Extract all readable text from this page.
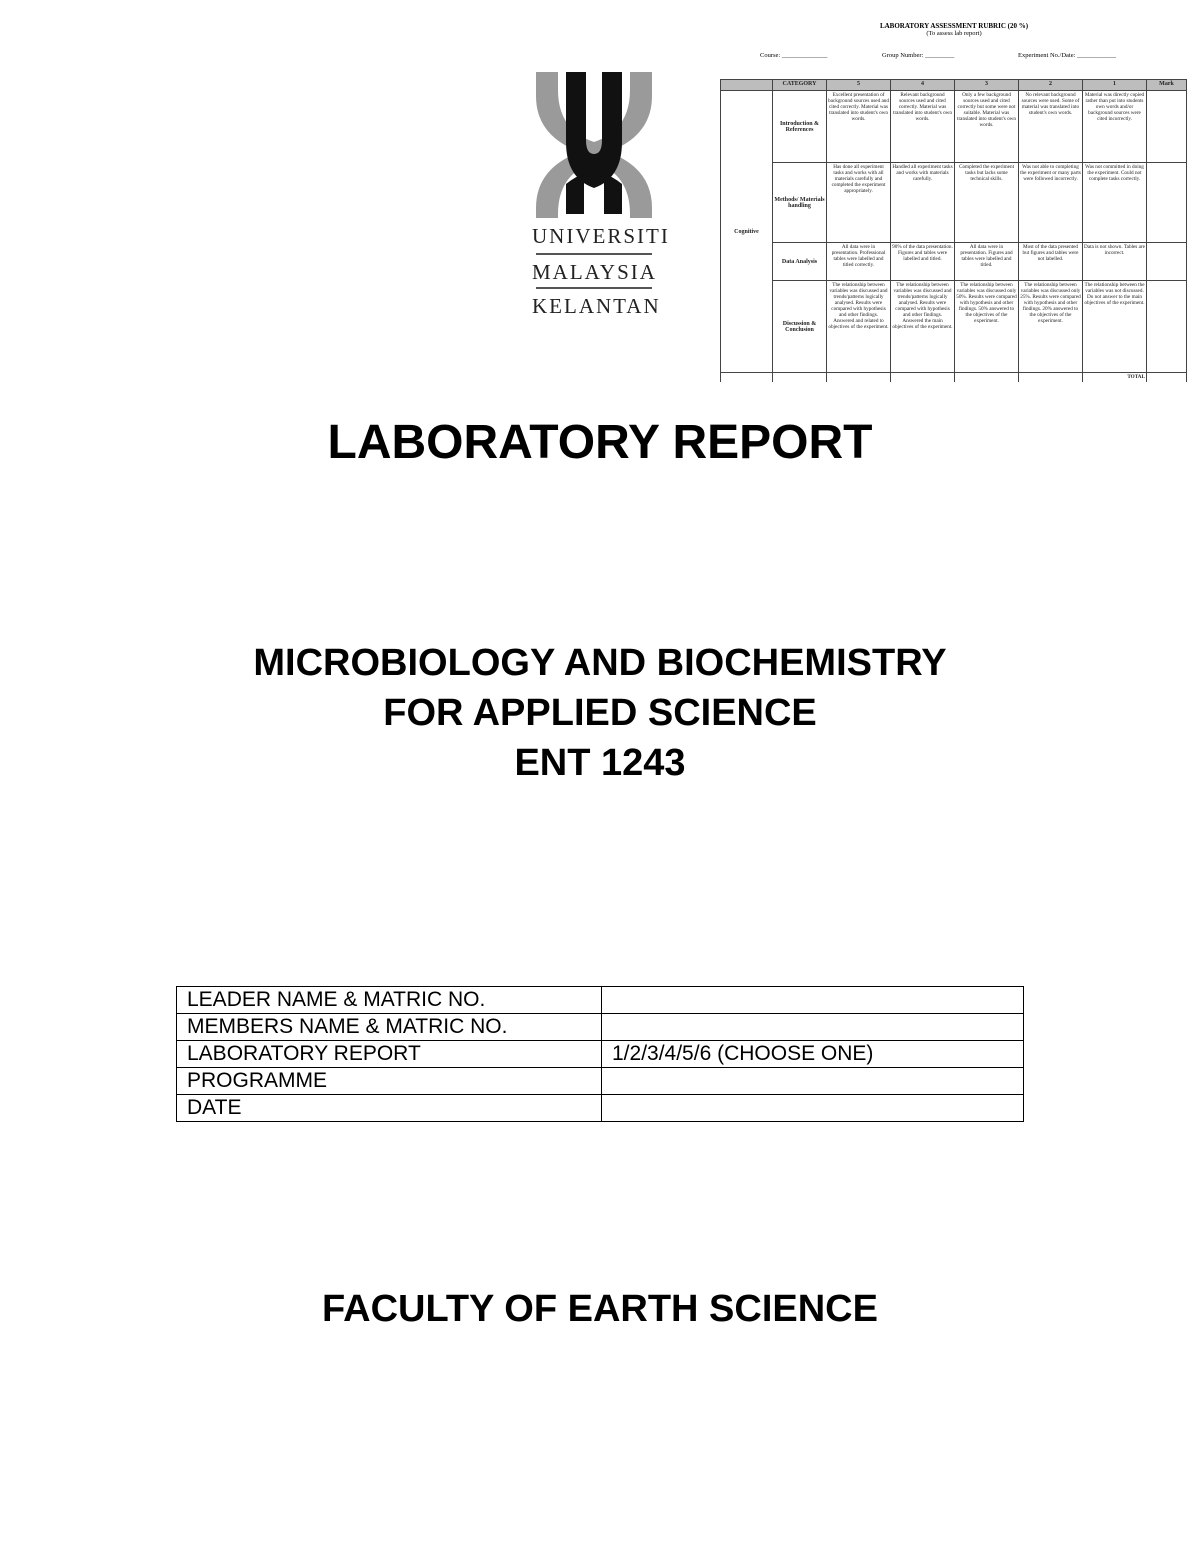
UNIVERSITI
MALAYSIA
KELANTAN
LABORATORY ASSESSMENT RUBRIC (20 %)
(To assess lab report)
Course: ______________	Group Number: _________	Experiment No./Date: ____________
	CATEGORY	5	4	3	2	1	Mark
Cognitive	Introduction & References	Excellent presentation of background sources used and cited correctly. Material was translated into student's own words.	Relevant background sources used and cited correctly. Material was translated into student's own words.	Only a few background sources used and cited correctly but some were not suitable. Material was translated into student's own words.	No relevant background sources were used. Some of material was translated into student's own words.	Material was directly copied rather than put into students own words and/or background sources were cited incorrectly.	
	Methods/ Materials handling	Has done all experiment tasks and works with all materials carefully and completed the experiment appropriately.	Handled all experiment tasks and works with materials carefully.	Completed the experiment tasks but lacks some technical skills.	Was not able to completing the experiment or many parts were followed incorrectly.	Was not committed in doing the experiment. Could not complete tasks correctly.	
	Data Analysis	All data were in presentation. Professional tables were labelled and titled correctly.	90% of the data presentation. Figures and tables were labelled and titled.	All data were in presentation. Figures and tables were labelled and titled.	Most of the data presented but figures and tables were not labelled.	Data is not shown. Tables are incorrect.	
	Discussion & Conclusion	The relationship between variables was discussed and trends/patterns logically analysed. Results were compared with hypothesis and other findings. Answered and related to objectives of the experiment.	The relationship between variables was discussed and trends/patterns logically analysed. Results were compared with hypothesis and other findings. Answered the main objectives of the experiment.	The relationship between variables was discussed only 50%. Results were compared with hypothesis and other findings. 50% answered to the objectives of the experiment.	The relationship between variables was discussed only 25%. Results were compared with hypothesis and other findings. 20% answered to the objectives of the experiment.	The relationship between the variables was not discussed. Do not answer to the main objectives of the experiment.	
						TOTAL	
LABORATORY REPORT
MICROBIOLOGY AND BIOCHEMISTRY
FOR APPLIED SCIENCE
ENT 1243
LEADER NAME & MATRIC NO.	
MEMBERS NAME & MATRIC NO.	
LABORATORY REPORT	1/2/3/4/5/6 (CHOOSE ONE)
PROGRAMME	
DATE	
FACULTY OF EARTH SCIENCE
